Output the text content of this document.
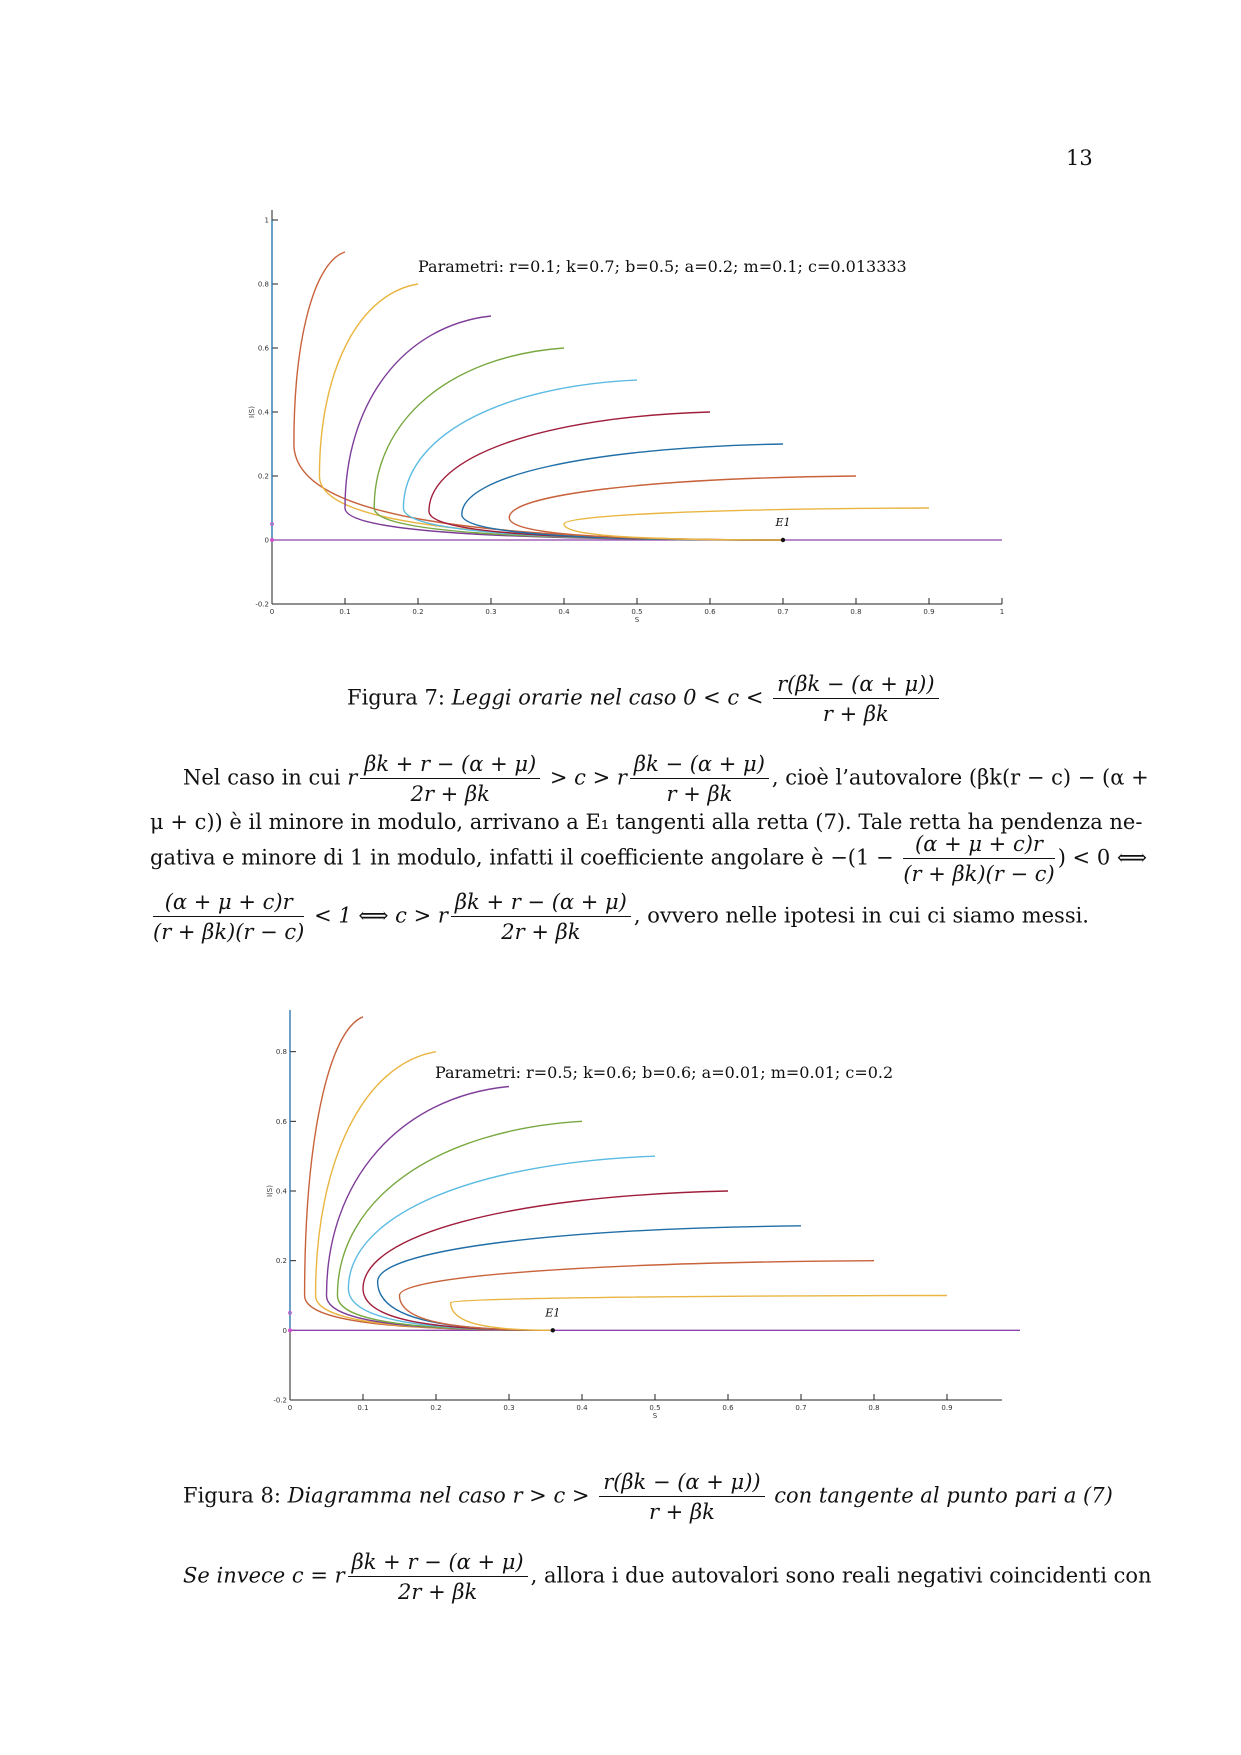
13
-0.2
0
0.2
0.4
0.6
0.8
1
0	0.1	0.2	0.3	0.4	0.5	0.6	0.7	0.8	0.9	1
S
I(S)
Parametri: r=0.1; k=0.7; b=0.5; a=0.2; m=0.1; c=0.013333
E1
Figura 7: Leggi orarie nel caso $0 < c < \frac{r(\beta k - (\alpha + \mu))}{r + \beta k}$
Nel caso in cui r $\frac{\beta k + r - (\alpha + \mu)}{2r + \beta k} > c > r \frac{\beta k - (\alpha + \mu)}{r + \beta k}$ , cioè l’autovalore (βk(r − c) − (α +
μ + c)) è il minore in modulo, arrivano a E₁ tangenti alla retta (7). Tale retta ha pendenza ne-
gativa e minore di 1 in modulo, infatti il coefficiente angolare è $-(1 - \frac{(\alpha + \mu + c)r}{(r + \beta k)(r - c)}$ ) < 0 ⟺
$\frac{(\alpha + \mu + c)r}{(r + \beta k)(r - c)} < 1$ ⟺ c > r $\frac{\beta k + r - (\alpha + \mu)}{2r + \beta k}$ , ovvero nelle ipotesi in cui ci siamo messi.
-0.2
0
0.2
0.4
0.6
0.8
0	0.1	0.2	0.3	0.4	0.5	0.6	0.7	0.8	0.9
S
I(S)
Parametri: r=0.5; k=0.6; b=0.6; a=0.01; m=0.01; c=0.2
E1
Figura 8: Diagramma nel caso $r > c > \frac{r(\beta k - (\alpha + \mu))}{r + \beta k}$ con tangente al punto pari a (7)
Se invece c = r $\frac{\beta k + r - (\alpha + \mu)}{2r + \beta k}$ , allora i due autovalori sono reali negativi coincidenti con
